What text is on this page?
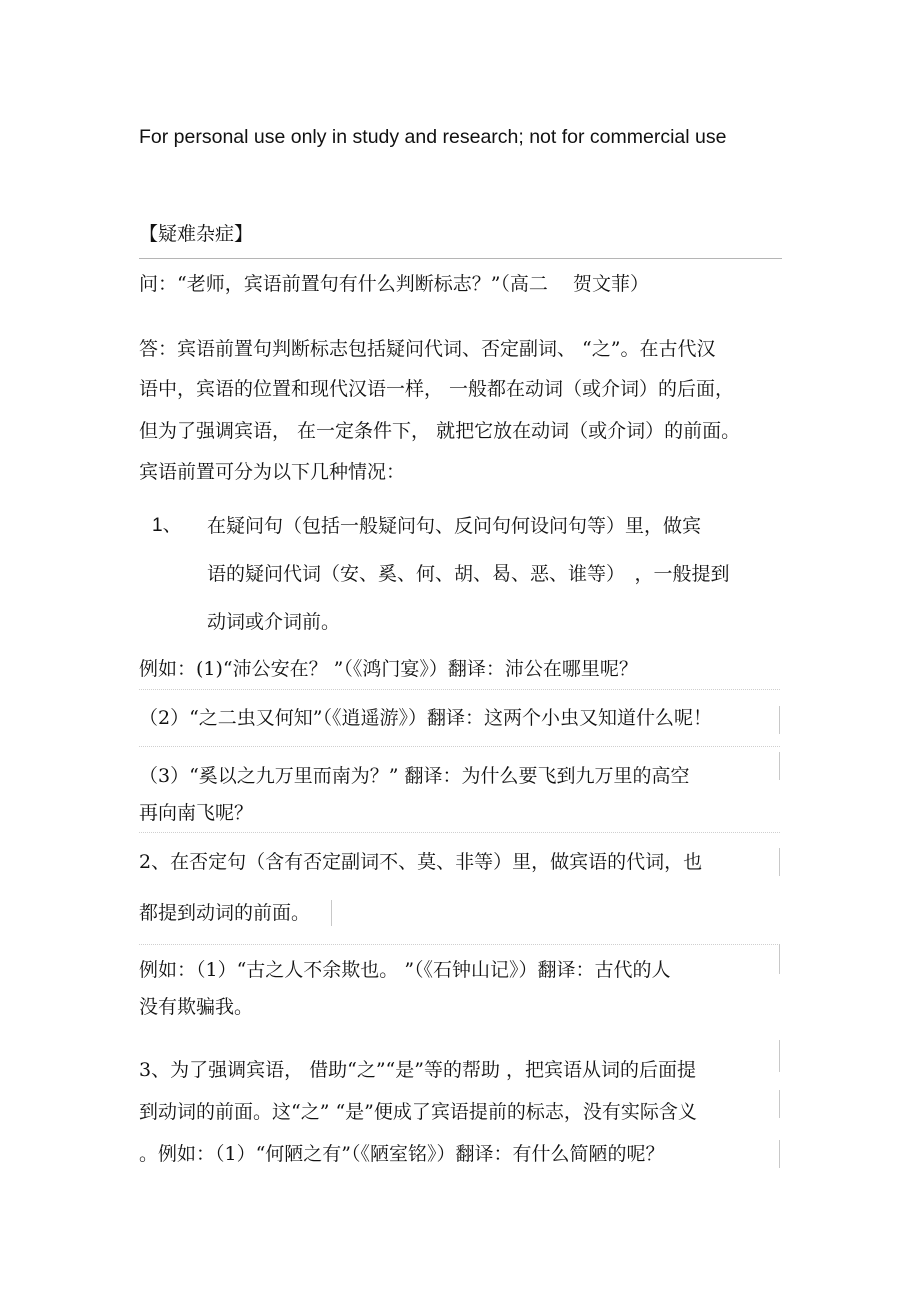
For personal use only in study and research; not for commercial use
【疑难杂症】
问：“老师，宾语前置句有什么判断标志？”（高二　 贺文菲）
答：宾语前置句判断标志包括疑问代词、否定副词、 “之”。在古代汉
语中，宾语的位置和现代汉语一样， 一般都在动词（或介词）的后面，
但为了强调宾语， 在一定条件下， 就把它放在动词（或介词）的前面。
宾语前置可分为以下几种情况：
1、 在疑问句（包括一般疑问句、反问句何设问句等）里，做宾
语的疑问代词（安、奚、何、胡、曷、恶、谁等）　，一般提到
动词或介词前。
例如：(1)“沛公安在？ ”（《鸿门宴》）翻译：沛公在哪里呢？
（2）“之二虫又何知”（《逍遥游》）翻译：这两个小虫又知道什么呢！
（3）“奚以之九万里而南为？” 翻译：为什么要飞到九万里的高空
再向南飞呢？
2、在否定句（含有否定副词不、莫、非等）里，做宾语的代词，也
都提到动词的前面。
例如：（1）“古之人不余欺也。 ”（《石钟山记》）翻译：古代的人
没有欺骗我。
3、为了强调宾语， 借助“之”“是”等的帮助 ，把宾语从词的后面提
到动词的前面。这“之” “是”便成了宾语提前的标志，没有实际含义
。例如：（1）“何陋之有”（《陋室铭》）翻译：有什么简陋的呢？
